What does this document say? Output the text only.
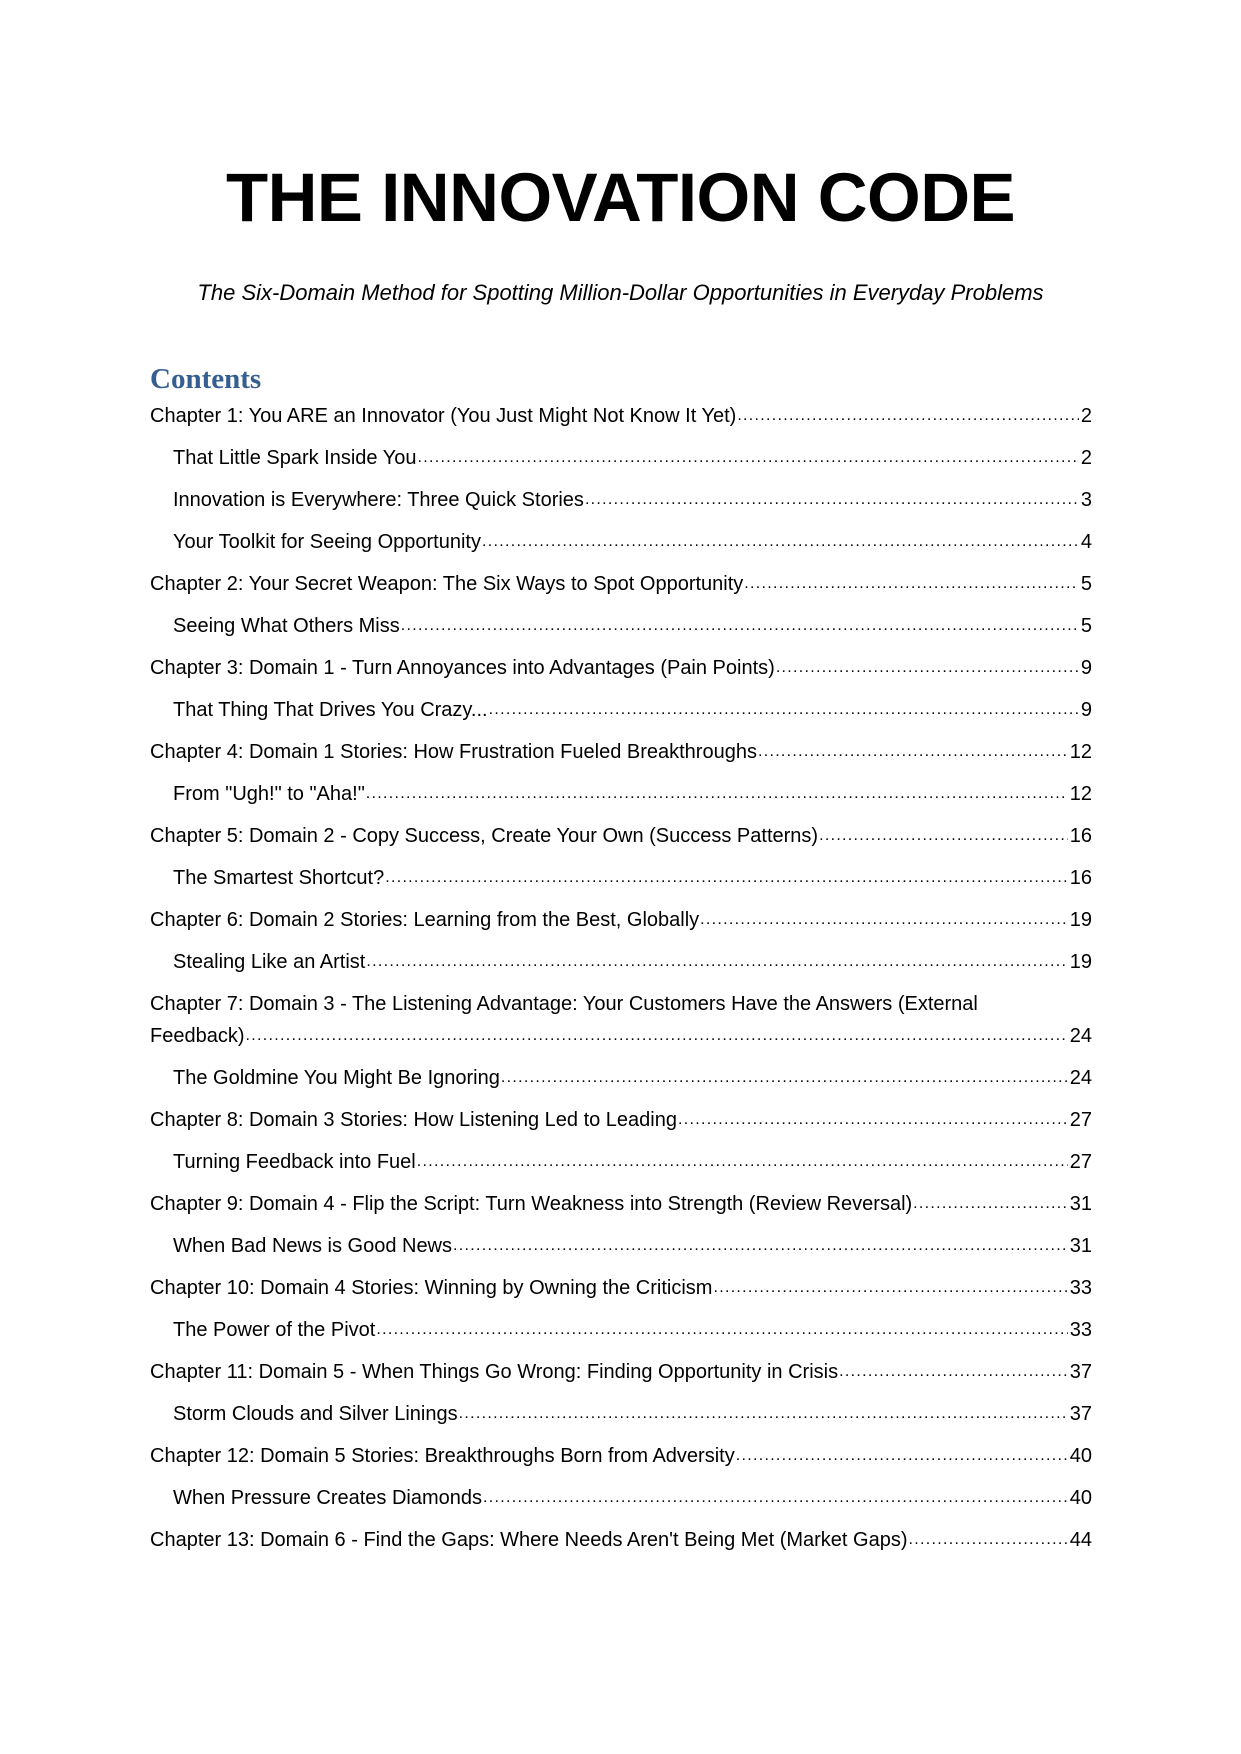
THE INNOVATION CODE

The Six-Domain Method for Spotting Million-Dollar Opportunities in Everyday Problems

Contents
Chapter 1: You ARE an Innovator (You Just Might Not Know It Yet) .....	2
That Little Spark Inside You .....	2
Innovation is Everywhere: Three Quick Stories .....	3
Your Toolkit for Seeing Opportunity .....	4
Chapter 2: Your Secret Weapon: The Six Ways to Spot Opportunity .....	5
Seeing What Others Miss .....	5
Chapter 3: Domain 1 - Turn Annoyances into Advantages (Pain Points) .....	9
That Thing That Drives You Crazy... .....	9
Chapter 4: Domain 1 Stories: How Frustration Fueled Breakthroughs .....	12
From "Ugh!" to "Aha!" .....	12
Chapter 5: Domain 2 - Copy Success, Create Your Own (Success Patterns) .....	16
The Smartest Shortcut? .....	16
Chapter 6: Domain 2 Stories: Learning from the Best, Globally .....	19
Stealing Like an Artist .....	19
Chapter 7: Domain 3 - The Listening Advantage: Your Customers Have the Answers (External
Feedback) .....	24
The Goldmine You Might Be Ignoring .....	24
Chapter 8: Domain 3 Stories: How Listening Led to Leading .....	27
Turning Feedback into Fuel .....	27
Chapter 9: Domain 4 - Flip the Script: Turn Weakness into Strength (Review Reversal) .....	31
When Bad News is Good News .....	31
Chapter 10: Domain 4 Stories: Winning by Owning the Criticism .....	33
The Power of the Pivot .....	33
Chapter 11: Domain 5 - When Things Go Wrong: Finding Opportunity in Crisis .....	37
Storm Clouds and Silver Linings .....	37
Chapter 12: Domain 5 Stories: Breakthroughs Born from Adversity .....	40
When Pressure Creates Diamonds .....	40
Chapter 13: Domain 6 - Find the Gaps: Where Needs Aren't Being Met (Market Gaps) .....	44
